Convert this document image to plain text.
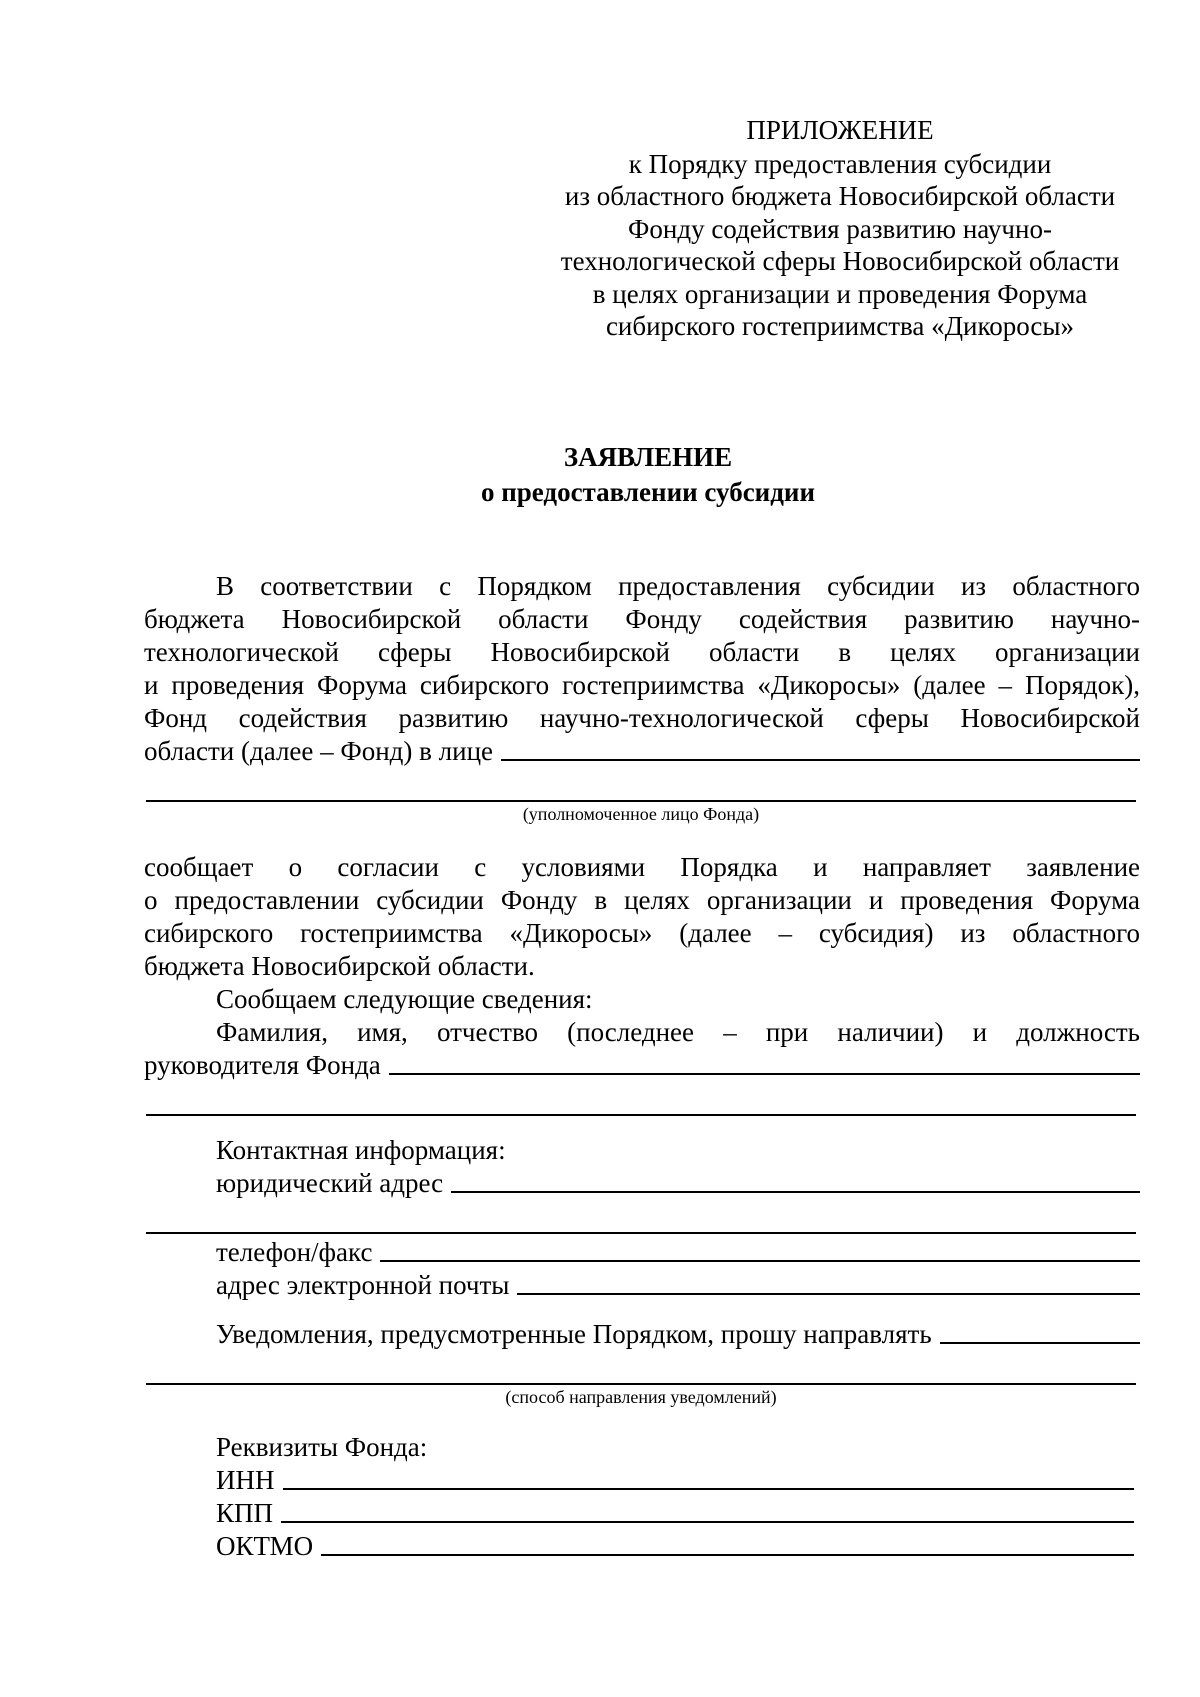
ПРИЛОЖЕНИЕ
к Порядку предоставления субсидии
из областного бюджета Новосибирской области
Фонду содействия развитию научно-
технологической сферы Новосибирской области
в целях организации и проведения Форума
сибирского гостеприимства «Дикоросы»
ЗАЯВЛЕНИЕ
о предоставлении субсидии
В соответствии с Порядком предоставления субсидии из областного
бюджета Новосибирской области Фонду содействия развитию научно-
технологической сферы Новосибирской области в целях организации
и проведения Форума сибирского гостеприимства «Дикоросы» (далее – Порядок),
Фонд содействия развитию научно-технологической сферы Новосибирской
области (далее – Фонд) в лице
(уполномоченное лицо Фонда)
сообщает о согласии с условиями Порядка и направляет заявление
о предоставлении субсидии Фонду в целях организации и проведения Форума
сибирского гостеприимства «Дикоросы» (далее – субсидия) из областного
бюджета Новосибирской области.
Сообщаем следующие сведения:
Фамилия, имя, отчество (последнее – при наличии) и должность
руководителя Фонда
Контактная информация:
юридический адрес
телефон/факс
адрес электронной почты
Уведомления, предусмотренные Порядком, прошу направлять
(способ направления уведомлений)
Реквизиты Фонда:
ИНН
КПП
ОКТМО
